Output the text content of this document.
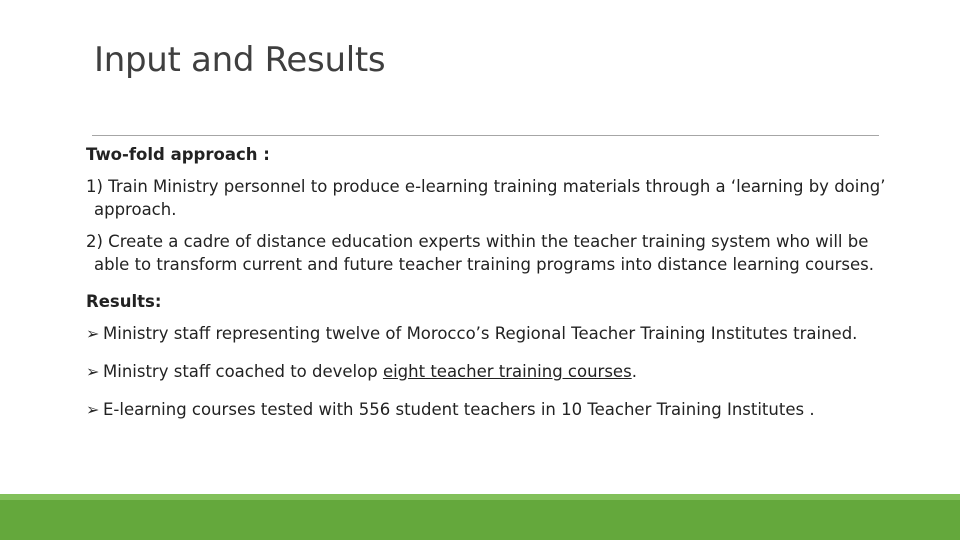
Input and Results
Two-fold approach :
1) Train Ministry personnel to produce e-learning training materials through a ‘learning by doing’ approach.
2) Create a cadre of distance education experts within the teacher training system who will be able to transform current and future teacher training programs into distance learning courses.
Results:
➢ Ministry staff representing twelve of Morocco’s Regional Teacher Training Institutes trained.
➢ Ministry staff coached to develop eight teacher training courses.
➢ E-learning courses tested with 556 student teachers in 10 Teacher Training Institutes .
